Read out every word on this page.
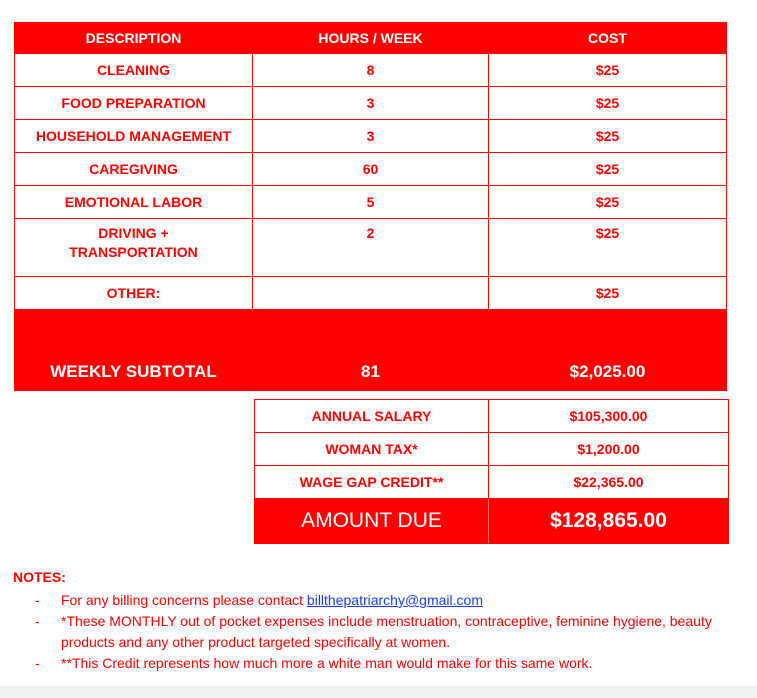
DESCRIPTION	HOURS / WEEK	COST
CLEANING	8	$25
FOOD PREPARATION	3	$25
HOUSEHOLD MANAGEMENT	3	$25
CAREGIVING	60	$25
EMOTIONAL LABOR	5	$25
DRIVING + TRANSPORTATION	2	$25
OTHER:		$25
WEEKLY SUBTOTAL	81	$2,025.00
ANNUAL SALARY	$105,300.00
WOMAN TAX*	$1,200.00
WAGE GAP CREDIT**	$22,365.00
AMOUNT DUE	$128,865.00
NOTES:
- For any billing concerns please contact billthepatriarchy@gmail.com
- *These MONTHLY out of pocket expenses include menstruation, contraceptive, feminine hygiene, beauty products and any other product targeted specifically at women.
- **This Credit represents how much more a white man would make for this same work.
